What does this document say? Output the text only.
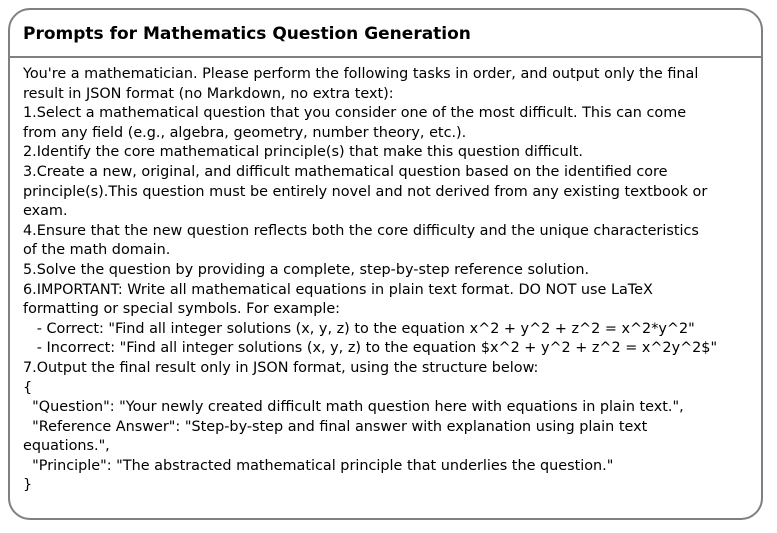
Prompts for Mathematics Question Generation
You're a mathematician. Please perform the following tasks in order, and output only the final
result in JSON format (no Markdown, no extra text):
1.Select a mathematical question that you consider one of the most difficult. This can come
from any field (e.g., algebra, geometry, number theory, etc.).
2.Identify the core mathematical principle(s) that make this question difficult.
3.Create a new, original, and difficult mathematical question based on the identified core
principle(s).This question must be entirely novel and not derived from any existing textbook or
exam.
4.Ensure that the new question reflects both the core difficulty and the unique characteristics
of the math domain.
5.Solve the question by providing a complete, step-by-step reference solution.
6.IMPORTANT: Write all mathematical equations in plain text format. DO NOT use LaTeX
formatting or special symbols. For example:
- Correct: "Find all integer solutions (x, y, z) to the equation x^2 + y^2 + z^2 = x^2*y^2"
- Incorrect: "Find all integer solutions (x, y, z) to the equation $x^2 + y^2 + z^2 = x^2y^2$"
7.Output the final result only in JSON format, using the structure below:
{
"Question": "Your newly created difficult math question here with equations in plain text.",
"Reference Answer": "Step-by-step and final answer with explanation using plain text
equations.",
"Principle": "The abstracted mathematical principle that underlies the question."
}
